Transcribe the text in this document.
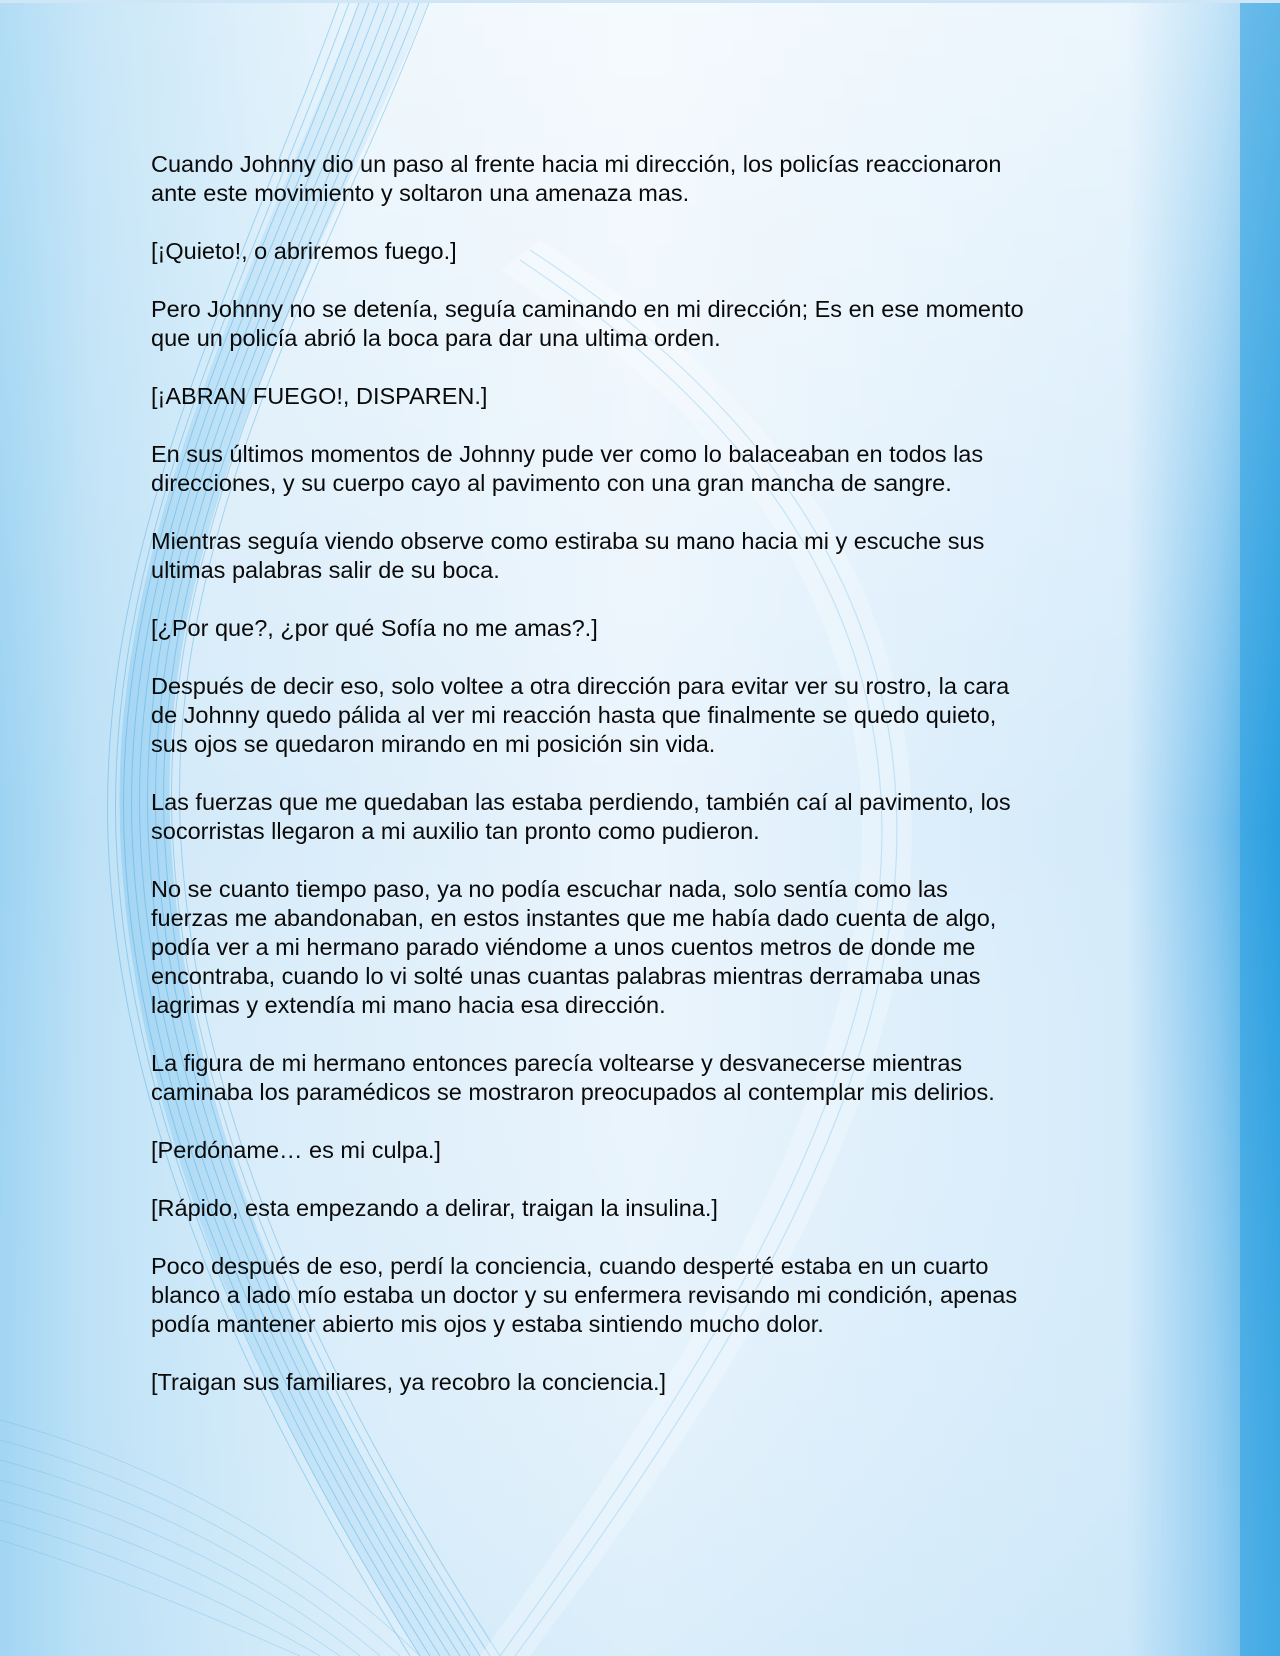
Cuando Johnny dio un paso al frente hacia mi dirección, los policías reaccionaron
ante este movimiento y soltaron una amenaza mas.

[¡Quieto!, o abriremos fuego.]

Pero Johnny no se detenía, seguía caminando en mi dirección; Es en ese momento
que un policía abrió la boca para dar una ultima orden.

[¡ABRAN FUEGO!, DISPAREN.]

En sus últimos momentos de Johnny pude ver como lo balaceaban en todos las
direcciones, y su cuerpo cayo al pavimento con una gran mancha de sangre.

Mientras seguía viendo observe como estiraba su mano hacia mi y escuche sus
ultimas palabras salir de su boca.

[¿Por que?, ¿por qué Sofía no me amas?.]

Después de decir eso, solo voltee a otra dirección para evitar ver su rostro, la cara
de Johnny quedo pálida al ver mi reacción hasta que finalmente se quedo quieto,
sus ojos se quedaron mirando en mi posición sin vida.

Las fuerzas que me quedaban las estaba perdiendo, también caí al pavimento, los
socorristas llegaron a mi auxilio tan pronto como pudieron.

No se cuanto tiempo paso, ya no podía escuchar nada, solo sentía como las
fuerzas me abandonaban, en estos instantes que me había dado cuenta de algo,
podía ver a mi hermano parado viéndome a unos cuentos metros de donde me
encontraba, cuando lo vi solté unas cuantas palabras mientras derramaba unas
lagrimas y extendía mi mano hacia esa dirección.

La figura de mi hermano entonces parecía voltearse y desvanecerse mientras
caminaba los paramédicos se mostraron preocupados al contemplar mis delirios.

[Perdóname… es mi culpa.]

[Rápido, esta empezando a delirar, traigan la insulina.]

Poco después de eso, perdí la conciencia, cuando desperté estaba en un cuarto
blanco a lado mío estaba un doctor y su enfermera revisando mi condición, apenas
podía mantener abierto mis ojos y estaba sintiendo mucho dolor.

[Traigan sus familiares, ya recobro la conciencia.]
